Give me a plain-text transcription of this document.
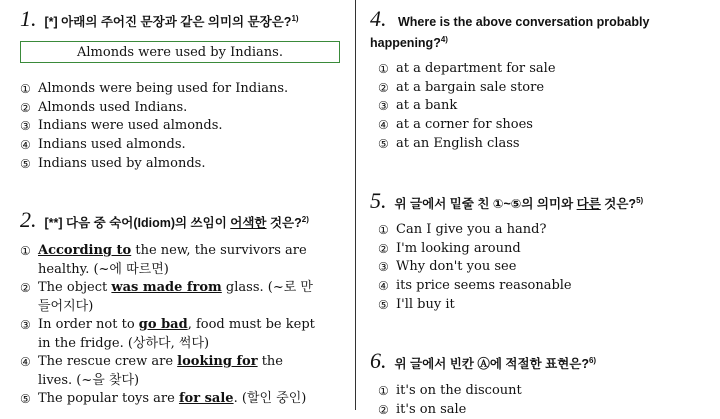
1. [*] 아래의 주어진 문장과 같은 의미의 문장은?$^{1)}$
Almonds were used by Indians.
① Almonds were being used for Indians.
② Almonds used Indians.
③ Indians were used almonds.
④ Indians used almonds.
⑤ Indians used by almonds.
2. [**] 다음 중 숙어(Idiom)의 쓰임이 어색한 것은?$^{2)}$
① According to the new, the survivors are healthy. (~에 따르면)
② The object was made from glass. (~로 만들어지다)
③ In order not to go bad, food must be kept in the fridge. (상하다, 썩다)
④ The rescue crew are looking for the lives. (~을 찾다)
⑤ The popular toys are for sale. (할인 중인)
4. Where is the above conversation probably happening?$^{4)}$
① at a department for sale
② at a bargain sale store
③ at a bank
④ at a corner for shoes
⑤ at an English class
5. 위 글에서 밑줄 친 ①~⑤의 의미와 다른 것은?$^{5)}$
① Can I give you a hand?
② I'm looking around
③ Why don't you see
④ its price seems reasonable
⑤ I'll buy it
6. 위 글에서 빈칸 Ⓐ에 적절한 표현은?$^{6)}$
① it's on the discount
② it's on sale
